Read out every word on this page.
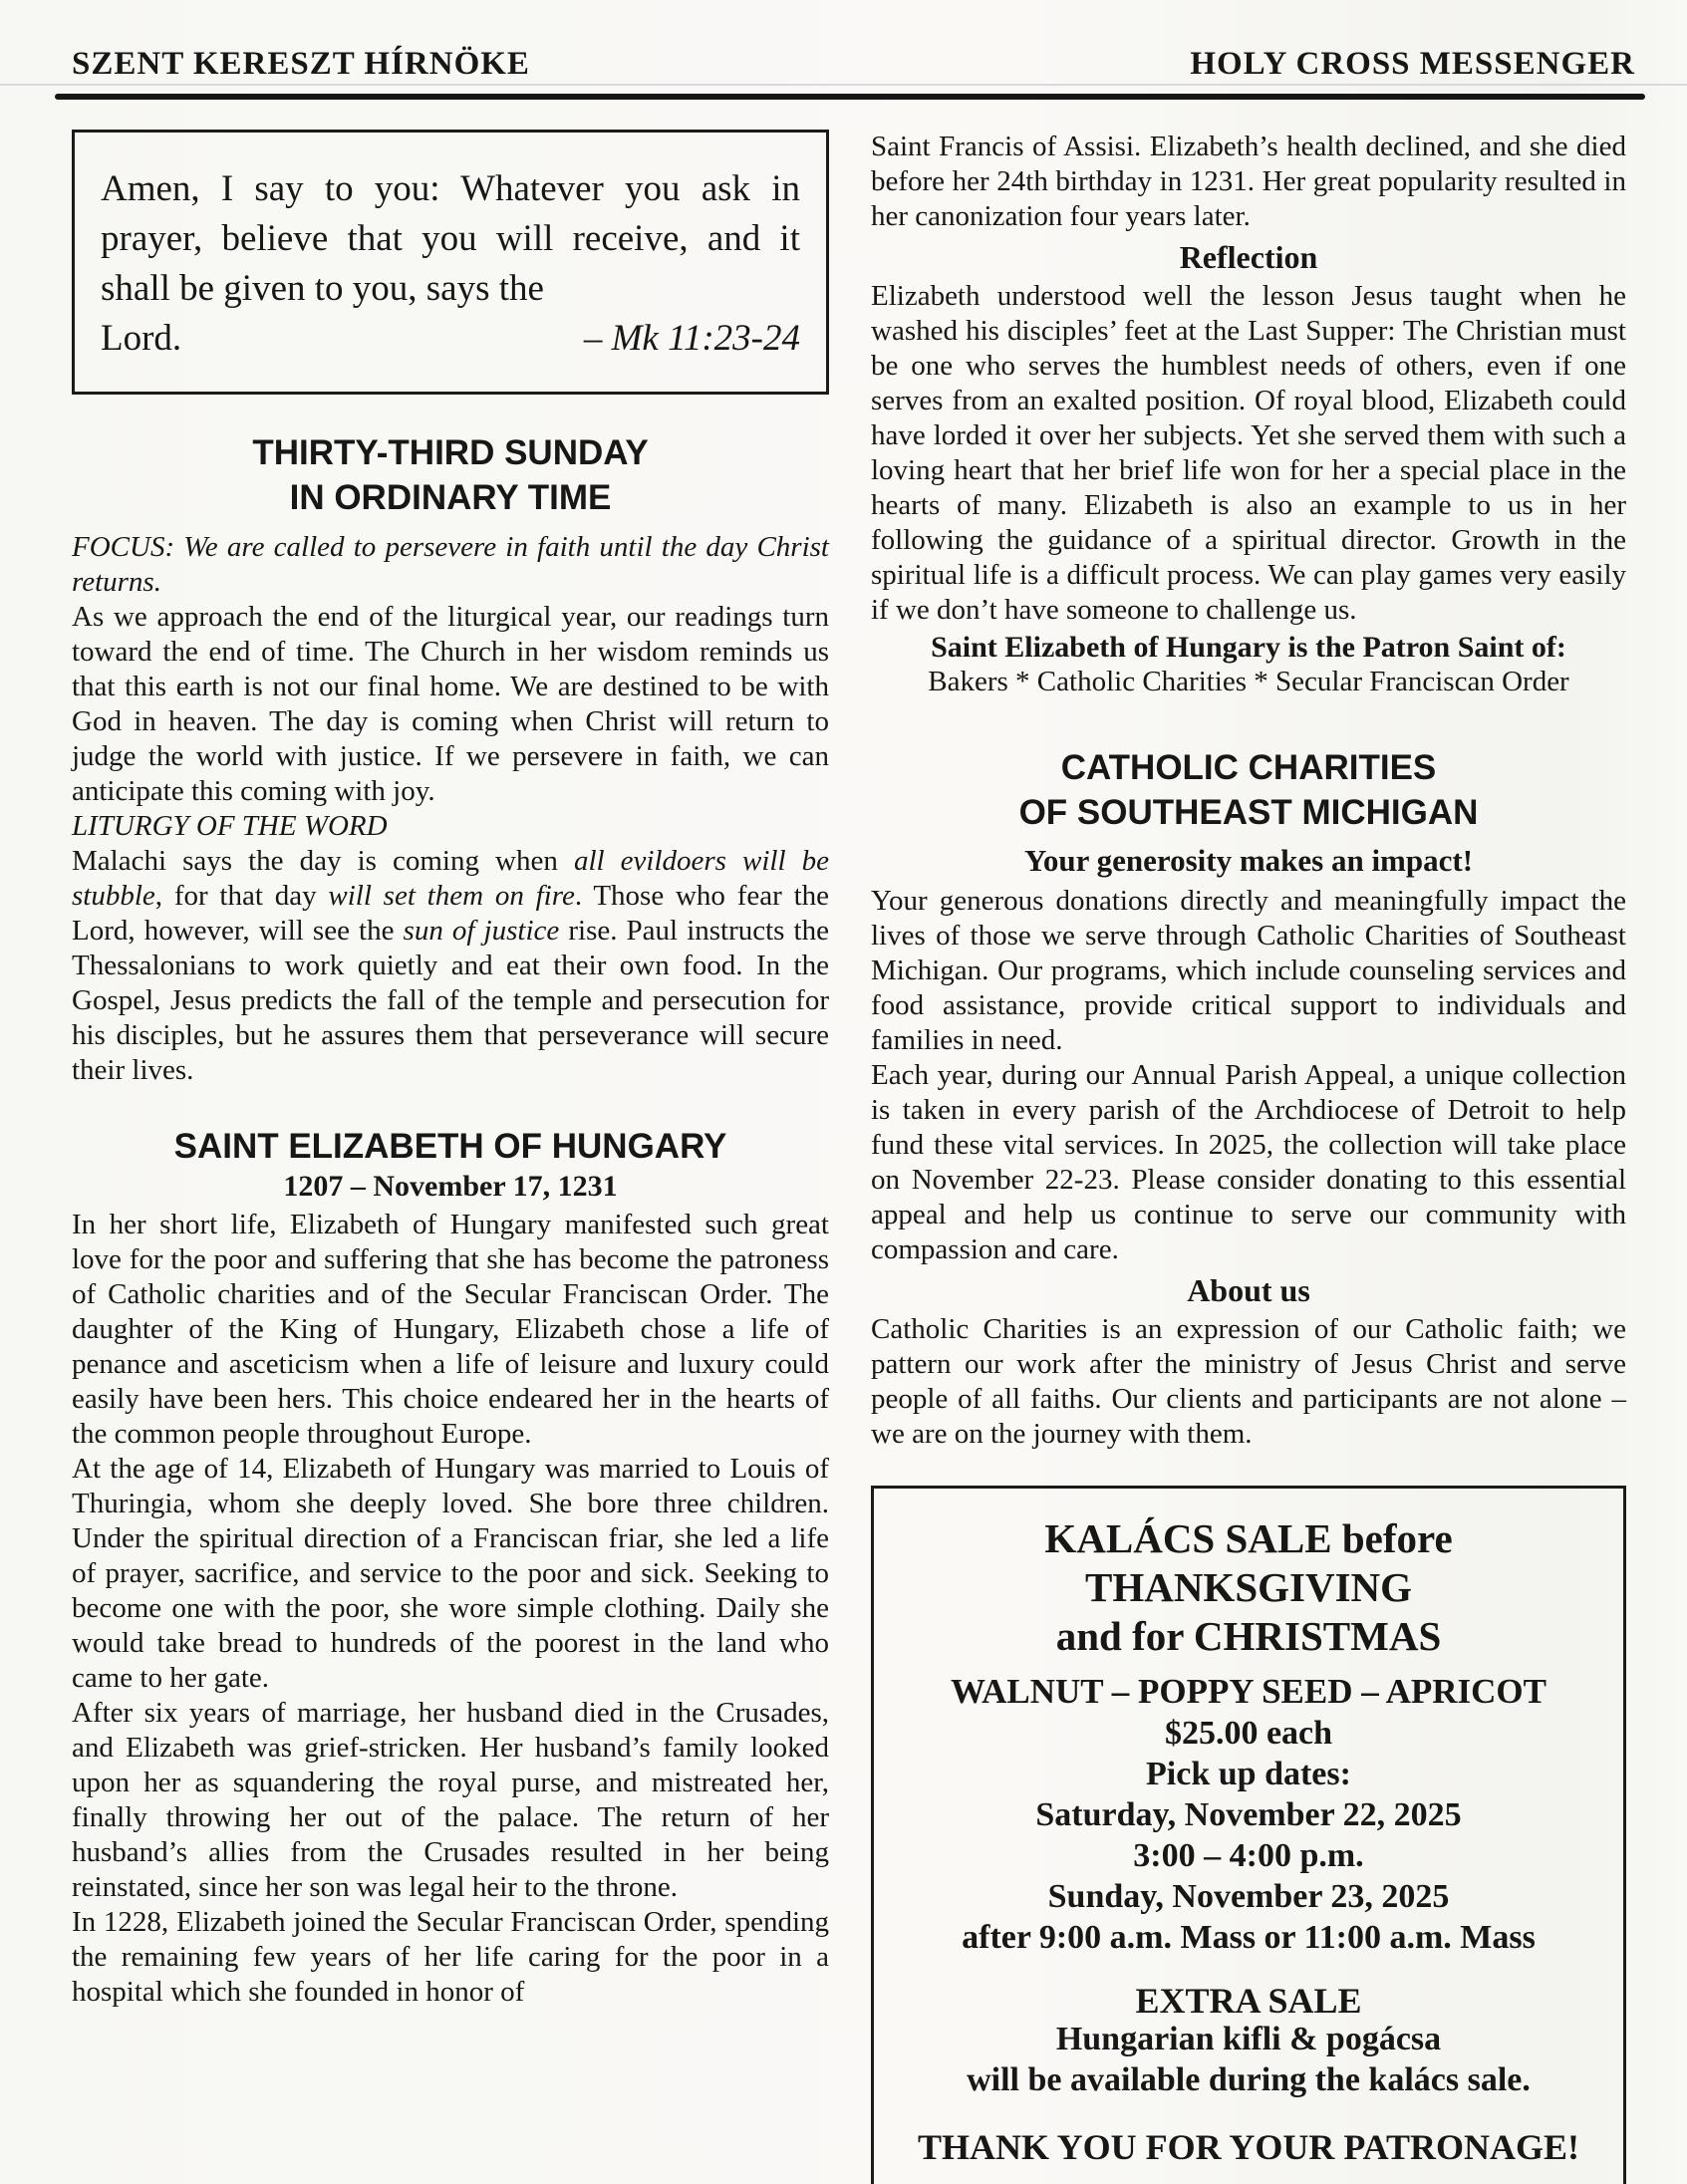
SZENT KERESZT HÍRNÖKE	HOLY CROSS MESSENGER
Amen, I say to you: Whatever you ask in prayer, believe that you will receive, and it shall be given to you, says the
Lord.	– Mk 11:23-24
THIRTY-THIRD SUNDAY
IN ORDINARY TIME

FOCUS: We are called to persevere in faith until the day Christ returns.

As we approach the end of the liturgical year, our readings turn toward the end of time. The Church in her wisdom reminds us that this earth is not our final home. We are destined to be with God in heaven. The day is coming when Christ will return to judge the world with justice. If we persevere in faith, we can anticipate this coming with joy.

LITURGY OF THE WORD

Malachi says the day is coming when all evildoers will be stubble, for that day will set them on fire. Those who fear the Lord, however, will see the sun of justice rise. Paul instructs the Thessalonians to work quietly and eat their own food. In the Gospel, Jesus predicts the fall of the temple and persecution for his disciples, but he assures them that perseverance will secure their lives.

SAINT ELIZABETH OF HUNGARY
1207 – November 17, 1231

In her short life, Elizabeth of Hungary manifested such great love for the poor and suffering that she has become the patroness of Catholic charities and of the Secular Franciscan Order. The daughter of the King of Hungary, Elizabeth chose a life of penance and asceticism when a life of leisure and luxury could easily have been hers. This choice endeared her in the hearts of the common people throughout Europe.

At the age of 14, Elizabeth of Hungary was married to Louis of Thuringia, whom she deeply loved. She bore three children. Under the spiritual direction of a Franciscan friar, she led a life of prayer, sacrifice, and service to the poor and sick. Seeking to become one with the poor, she wore simple clothing. Daily she would take bread to hundreds of the poorest in the land who came to her gate.

After six years of marriage, her husband died in the Crusades, and Elizabeth was grief-stricken. Her husband’s family looked upon her as squandering the royal purse, and mistreated her, finally throwing her out of the palace. The return of her husband’s allies from the Crusades resulted in her being reinstated, since her son was legal heir to the throne.

In 1228, Elizabeth joined the Secular Franciscan Order, spending the remaining few years of her life caring for the poor in a hospital which she founded in honor of

Saint Francis of Assisi. Elizabeth’s health declined, and she died before her 24th birthday in 1231. Her great popularity resulted in her canonization four years later.

Reflection

Elizabeth understood well the lesson Jesus taught when he washed his disciples’ feet at the Last Supper: The Christian must be one who serves the humblest needs of others, even if one serves from an exalted position. Of royal blood, Elizabeth could have lorded it over her subjects. Yet she served them with such a loving heart that her brief life won for her a special place in the hearts of many. Elizabeth is also an example to us in her following the guidance of a spiritual director. Growth in the spiritual life is a difficult process. We can play games very easily if we don’t have someone to challenge us.

Saint Elizabeth of Hungary is the Patron Saint of:
Bakers * Catholic Charities * Secular Franciscan Order
CATHOLIC CHARITIES
OF SOUTHEAST MICHIGAN
Your generosity makes an impact!

Your generous donations directly and meaningfully impact the lives of those we serve through Catholic Charities of Southeast Michigan. Our programs, which include counseling services and food assistance, provide critical support to individuals and families in need.

Each year, during our Annual Parish Appeal, a unique collection is taken in every parish of the Archdiocese of Detroit to help fund these vital services. In 2025, the collection will take place on November 22-23. Please consider donating to this essential appeal and help us continue to serve our community with compassion and care.

About us

Catholic Charities is an expression of our Catholic faith; we pattern our work after the ministry of Jesus Christ and serve people of all faiths. Our clients and participants are not alone – we are on the journey with them.

KALÁCS SALE before THANKSGIVING
and for CHRISTMAS
WALNUT – POPPY SEED – APRICOT
$25.00 each
Pick up dates:
Saturday, November 22, 2025
3:00 – 4:00 p.m.
Sunday, November 23, 2025
after 9:00 a.m. Mass or 11:00 a.m. Mass
EXTRA SALE
Hungarian kifli & pogácsa
will be available during the kalács sale.
THANK YOU FOR YOUR PATRONAGE!
